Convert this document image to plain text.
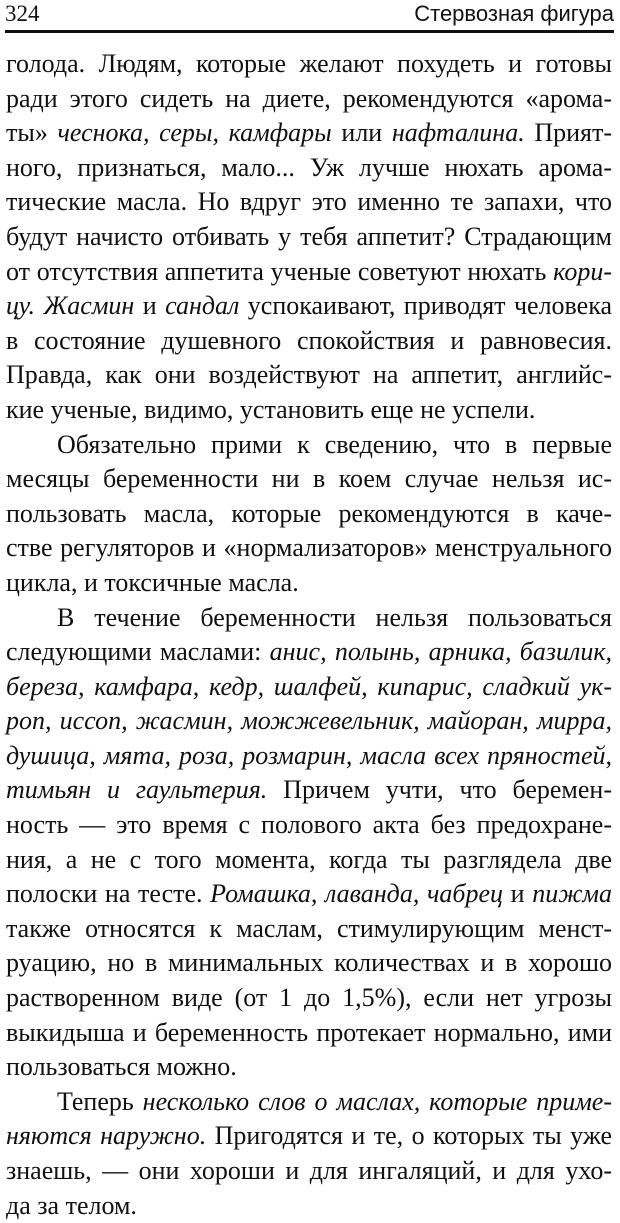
324	Стервозная фигура
голода. Людям, которые желают похудеть и готовы
ради этого сидеть на диете, рекомендуются «арома-
ты» чеснока, серы, камфары или нафталина. Прият-
ного, признаться, мало... Уж лучше нюхать арома-
тические масла. Но вдруг это именно те запахи, что
будут начисто отбивать у тебя аппетит? Страдающим
от отсутствия аппетита ученые советуют нюхать кори-
цу. Жасмин и сандал успокаивают, приводят человека
в состояние душевного спокойствия и равновесия.
Правда, как они воздействуют на аппетит, английс-
кие ученые, видимо, установить еще не успели.
Обязательно прими к сведению, что в первые
месяцы беременности ни в коем случае нельзя ис-
пользовать масла, которые рекомендуются в каче-
стве регуляторов и «нормализаторов» менструального
цикла, и токсичные масла.
В течение беременности нельзя пользоваться
следующими маслами: анис, полынь, арника, базилик,
береза, камфара, кедр, шалфей, кипарис, сладкий ук-
роп, иссоп, жасмин, можжевельник, майоран, мирра,
душица, мята, роза, розмарин, масла всех пряностей,
тимьян и гаультерия. Причем учти, что беремен-
ность — это время с полового акта без предохране-
ния, а не с того момента, когда ты разглядела две
полоски на тесте. Ромашка, лаванда, чабрец и пижма
также относятся к маслам, стимулирующим менст-
руацию, но в минимальных количествах и в хорошо
растворенном виде (от 1 до 1,5%), если нет угрозы
выкидыша и беременность протекает нормально, ими
пользоваться можно.
Теперь несколько слов о маслах, которые приме-
няются наружно. Пригодятся и те, о которых ты уже
знаешь, — они хороши и для ингаляций, и для ухо-
да за телом.
